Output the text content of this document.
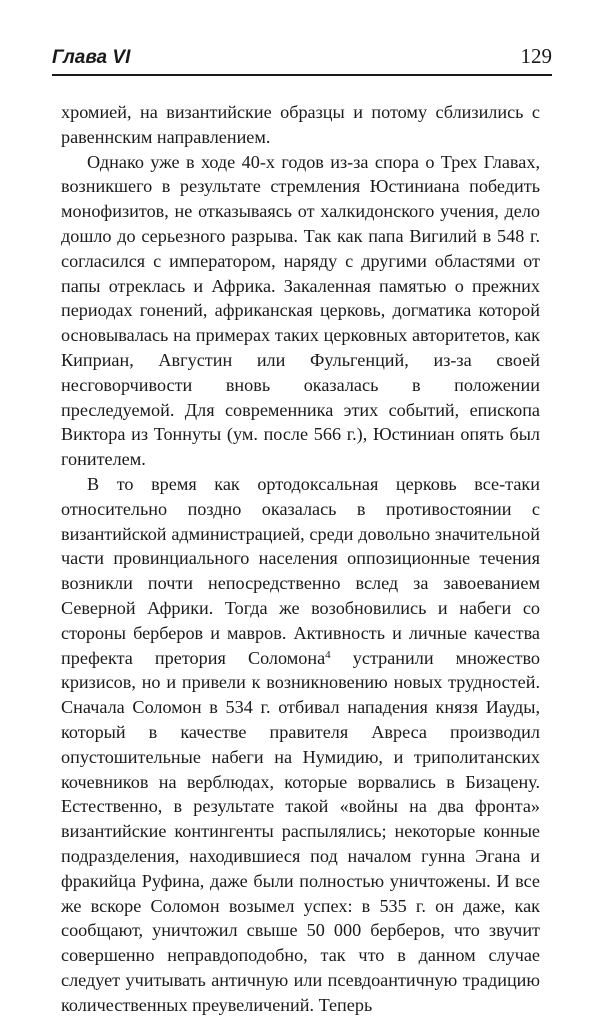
Глава VI	129

хромией, на византийские образцы и потому сблизились с равеннским направлением.

Однако уже в ходе 40-х годов из-за спора о Трех Главах, возникшего в результате стремления Юстиниана победить монофизитов, не отказываясь от халкидонского учения, дело дошло до серьезного разрыва. Так как папа Вигилий в 548 г. согласился с императором, наряду с другими областями от папы отреклась и Африка. Закаленная памятью о прежних периодах гонений, африканская церковь, догматика которой основывалась на примерах таких церковных авторитетов, как Киприан, Августин или Фульгенций, из-за своей несговорчивости вновь оказалась в положении преследуемой. Для современника этих событий, епископа Виктора из Тоннуты (ум. после 566 г.), Юстиниан опять был гонителем.

В то время как ортодоксальная церковь все-таки относительно поздно оказалась в противостоянии с византийской администрацией, среди довольно значительной части провинциального населения оппозиционные течения возникли почти непосредственно вслед за завоеванием Северной Африки. Тогда же возобновились и набеги со стороны берберов и мавров. Активность и личные качества префекта претория Соломона$^4$ устранили множество кризисов, но и привели к возникновению новых трудностей. Сначала Соломон в 534 г. отбивал нападения князя Иауды, который в качестве правителя Авреса производил опустошительные набеги на Нумидию, и триполитанских кочевников на верблюдах, которые ворвались в Бизацену. Естественно, в результате такой «войны на два фронта» византийские контингенты распылялись; некоторые конные подразделения, находившиеся под началом гунна Эгана и фракийца Руфина, даже были полностью уничтожены. И все же вскоре Соломон возымел успех: в 535 г. он даже, как сообщают, уничтожил свыше 50 000 берберов, что звучит совершенно неправдоподобно, так что в данном случае следует учитывать античную или псевдоантичную традицию количественных преувеличений. Теперь
